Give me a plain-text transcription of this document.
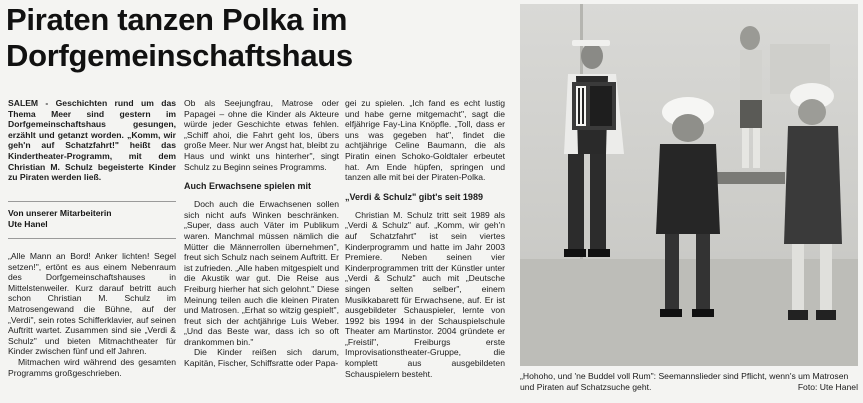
Piraten tanzen Polka im
Dorfgemeinschaftshaus

SALEM - Geschichten rund um das Thema Meer sind gestern im Dorfgemeinschaftshaus gesungen, erzählt und getanzt worden. „Komm, wir geh'n auf Schatzfahrt!" heißt das Kindertheater-Programm, mit dem Christian M. Schulz begeisterte Kinder zu Piraten werden ließ.

Von unserer Mitarbeiterin
Ute Hanel

„Alle Mann an Bord! Anker lichten! Segel setzen!", ertönt es aus einem Nebenraum des Dorfgemeinschaftshauses in Mittelstenweiler. Kurz darauf betritt auch schon Christian M. Schulz im Matrosengewand die Bühne, auf der „Verdi", sein rotes Schifferklavier, auf seinen Auftritt wartet. Zusammen sind sie „Verdi & Schulz" und bieten Mitmachtheater für Kinder zwischen fünf und elf Jahren.

Mitmachen wird während des gesamten Programms großgeschrieben.

Ob als Seejungfrau, Matrose oder Papagei – ohne die Kinder als Akteure würde jeder Geschichte etwas fehlen. „Schiff ahoi, die Fahrt geht los, übers große Meer. Nur wer Angst hat, bleibt zu Haus und winkt uns hinterher", singt Schulz zu Beginn seines Programms.

Auch Erwachsene spielen mit

Doch auch die Erwachsenen sollen sich nicht aufs Winken beschränken. „Super, dass auch Väter im Publikum waren. Manchmal müssen nämlich die Mütter die Männerrollen übernehmen", freut sich Schulz nach seinem Auftritt. Er ist zufrieden. „Alle haben mitgespielt und die Akustik war gut. Die Reise aus Freiburg hierher hat sich gelohnt." Diese Meinung teilen auch die kleinen Piraten und Matrosen. „Erhat so witzig gespielt", freut sich der achtjährige Luis Weber. „Und das Beste war, dass ich so oft drankommen bin."

Die Kinder reißen sich darum, Kapitän, Fischer, Schiffsratte oder Papa-

gei zu spielen. „Ich fand es echt lustig und habe gerne mitgemacht", sagt die elfjährige Fay-Lina Knöpfle. „Toll, dass er uns was gegeben hat", findet die achtjährige Celine Baumann, die als Piratin einen Schoko-Goldtaler erbeutet hat. Am Ende hüpfen, springen und tanzen alle mit bei der Piraten-Polka.

„Verdi & Schulz" gibt's seit 1989

Christian M. Schulz tritt seit 1989 als „Verdi & Schulz" auf. „Komm, wir geh'n auf Schatzfahrt" ist sein viertes Kinderprogramm und hatte im Jahr 2003 Premiere. Neben seinen vier Kinderprogrammen tritt der Künstler unter „Verdi & Schulz" auch mit „Deutsche singen selten selber", einem Musikkabarett für Erwachsene, auf. Er ist ausgebildeter Schauspieler, lernte von 1992 bis 1994 in der Schauspielschule Theater am Martinstor. 2004 gründete er „Freistil", Freiburgs erste Improvisationstheater-Gruppe, die komplett aus ausgebildeten Schauspielern besteht.	„Hohoho, und 'ne Buddel voll Rum": Seemannslieder sind Pflicht, wenn's um Matrosen und Piraten auf Schatzsuche geht.	Foto: Ute Hanel
